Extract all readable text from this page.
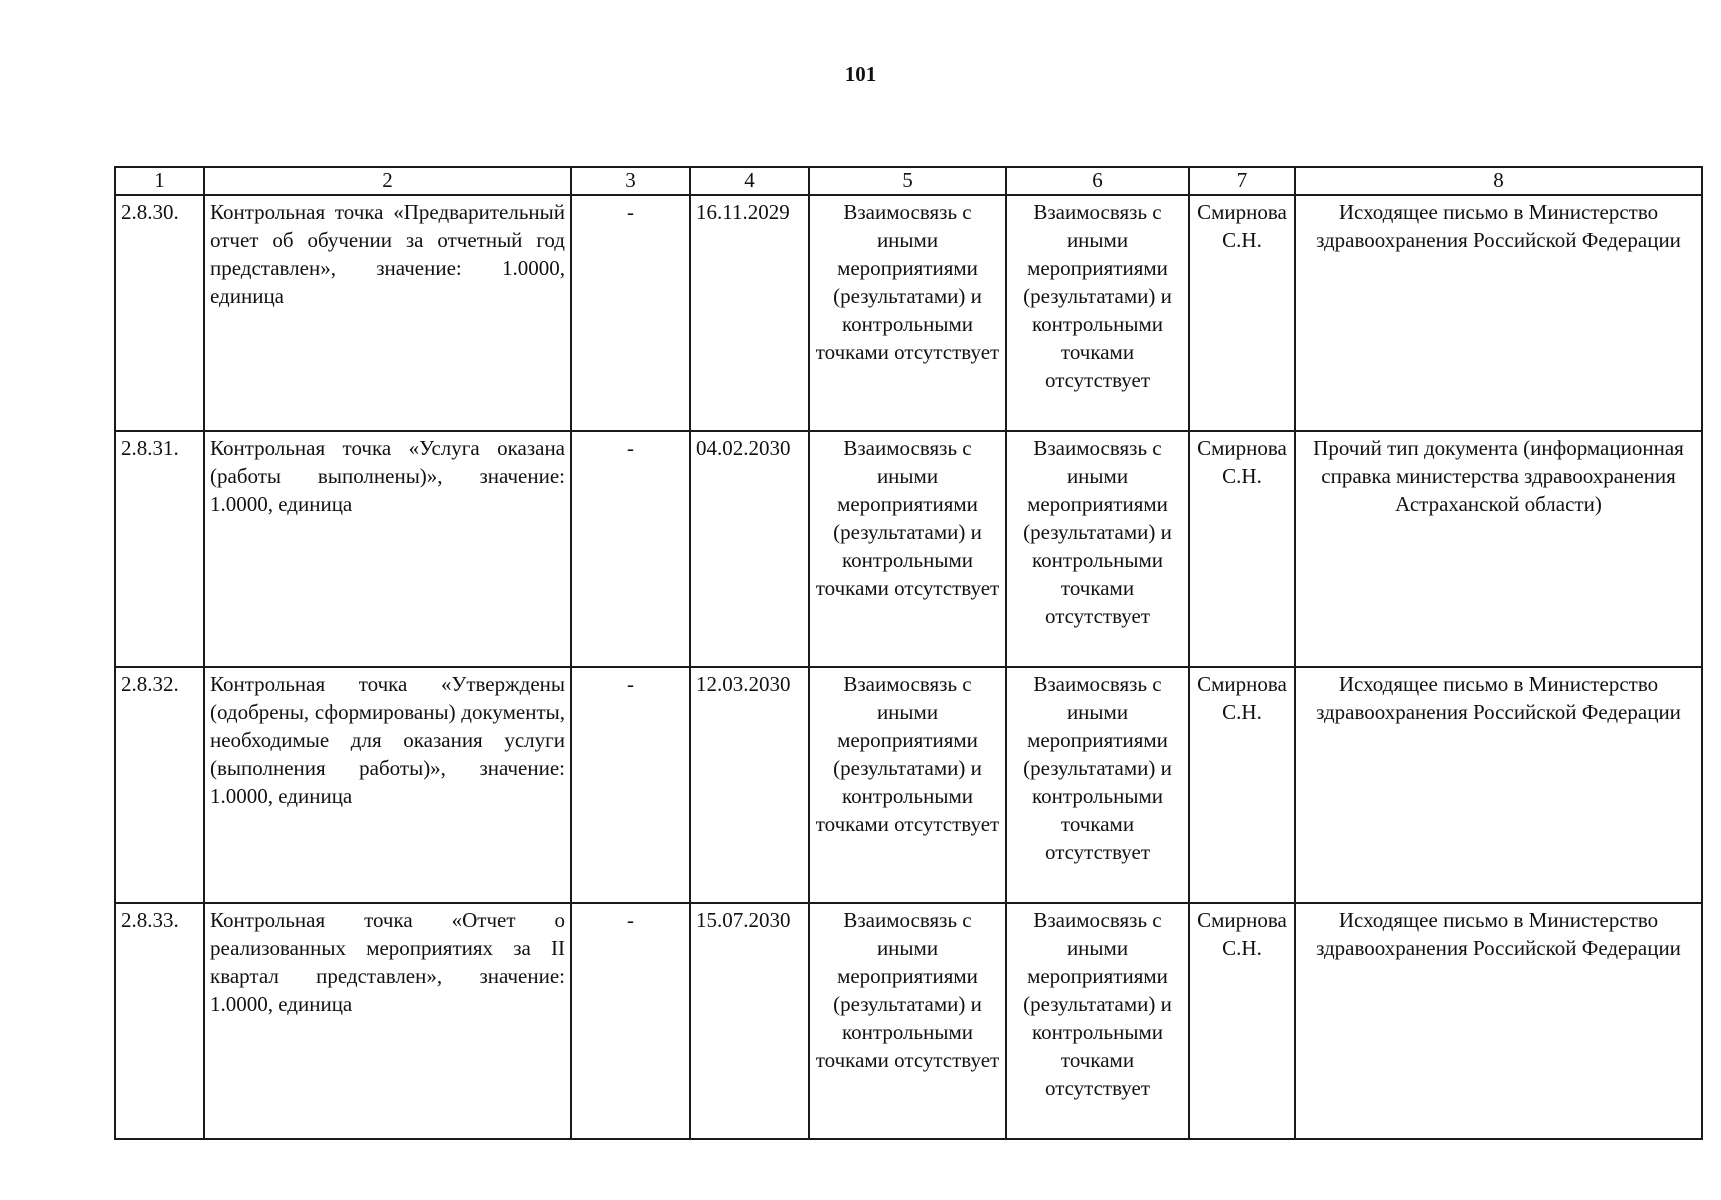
101
1	2	3	4	5	6	7	8
2.8.30.	Контрольная точка «Предварительный отчет об обучении за отчетный год представлен», значение: 1.0000, единица	-	16.11.2029	Взаимосвязь с иными мероприятиями (результатами) и контрольными точками отсутствует	Взаимосвязь с иными мероприятиями (результатами) и контрольными точками отсутствует	Смирнова С.Н.	Исходящее письмо в Министерство здравоохранения Российской Федерации
2.8.31.	Контрольная точка «Услуга оказана (работы выполнены)», значение: 1.0000, единица	-	04.02.2030	Взаимосвязь с иными мероприятиями (результатами) и контрольными точками отсутствует	Взаимосвязь с иными мероприятиями (результатами) и контрольными точками отсутствует	Смирнова С.Н.	Прочий тип документа (информационная справка министерства здравоохранения Астраханской области)
2.8.32.	Контрольная точка «Утверждены (одобрены, сформированы) документы, необходимые для оказания услуги (выполнения работы)», значение: 1.0000, единица	-	12.03.2030	Взаимосвязь с иными мероприятиями (результатами) и контрольными точками отсутствует	Взаимосвязь с иными мероприятиями (результатами) и контрольными точками отсутствует	Смирнова С.Н.	Исходящее письмо в Министерство здравоохранения Российской Федерации
2.8.33.	Контрольная точка «Отчет о реализованных мероприятиях за II квартал представлен», значение: 1.0000, единица	-	15.07.2030	Взаимосвязь с иными мероприятиями (результатами) и контрольными точками отсутствует	Взаимосвязь с иными мероприятиями (результатами) и контрольными точками отсутствует	Смирнова С.Н.	Исходящее письмо в Министерство здравоохранения Российской Федерации
